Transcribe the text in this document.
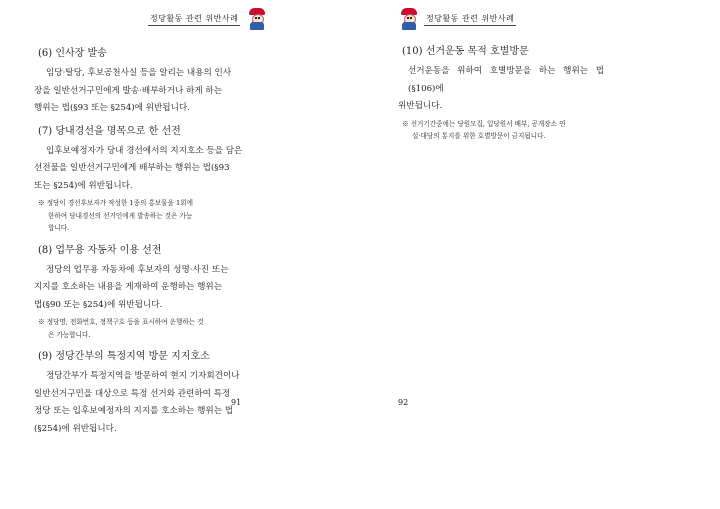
정당활동 관련 위반사례

(6) 인사장 발송

임당·탈당, 후보공천사실 등을 알리는 내용의 인사

장을 일반선거구민에게 발송·배부하거나 하게 하는

행위는 법(§93 또는 §254)에 위반됩니다.

(7) 당내경선을 명목으로 한 선전

입후보예정자가 당내 경선에서의 지지호소 등을 담은

선전물을 일반선거구민에게 배부하는 행위는 법(§93

또는 §254)에 위반됩니다.

※ 정당이 경선후보자가 작성한 1종의 홍보물을 1회에

한하여 당내경선의 선거인에게 발송하는 것은 가능

합니다.

(8) 업무용 자동차 이용 선전

정당의 업무용 자동차에 후보자의 성명·사진 또는

지지를 호소하는 내용을 게재하여 운행하는 행위는

법(§90 또는 §254)에 위반됩니다.

※ 정당명, 전화번호, 정책구호 등을 표시하여 운행하는 것

은 가능합니다.

(9) 정당간부의 특정지역 방문 지지호소

정당간부가 특정지역을 방문하여 현지 기자회견이나

일반선거구민을 대상으로 특정 선거와 관련하여 특정

정당 또는 입후보예정자의 지지를 호소하는 행위는 법

(§254)에 위반됩니다.

91
정당활동 관련 위반사례

(10) 선거운동 목적 호별방문

선거운동을 위하여 호별방문을 하는 행위는 법(§106)에

위반됩니다.

※ 선거기간중에는 당원모집, 입당원서 배부, 공개장소 연

설·대담의 통지를 위한 호별방문이 금지됩니다.

92
